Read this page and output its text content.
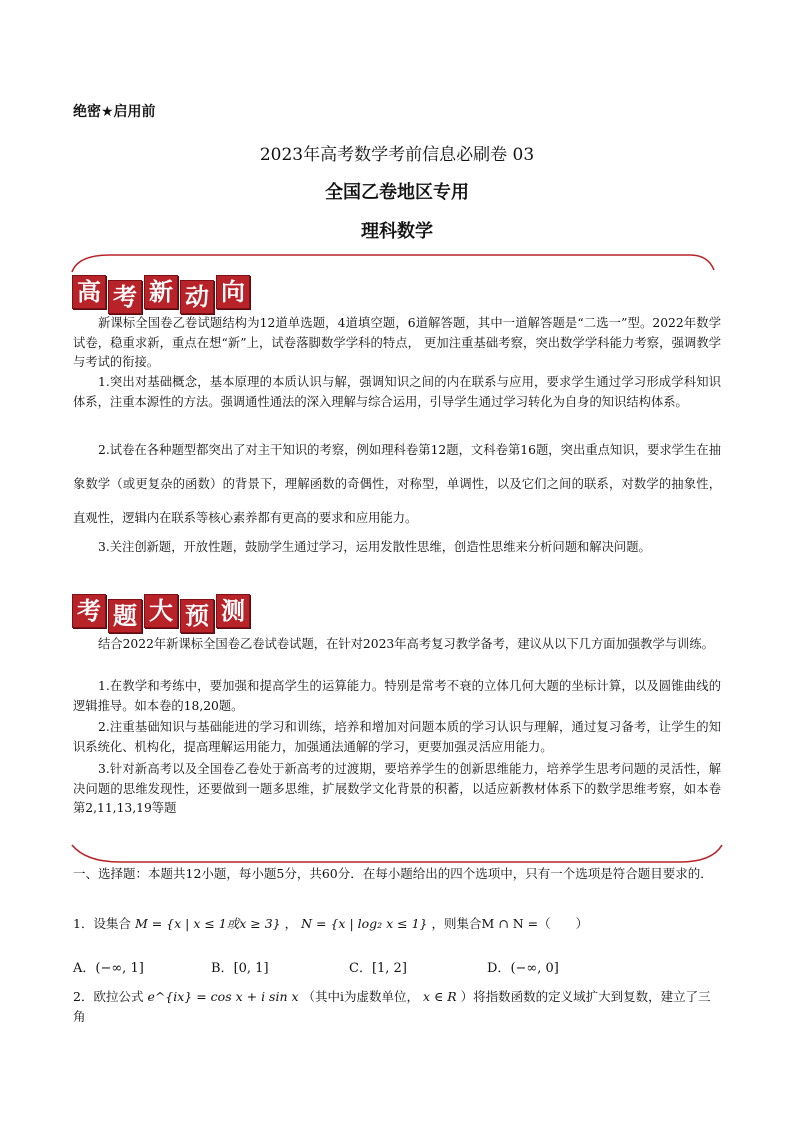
绝密★启用前
2023年高考数学考前信息必刷卷 03
全国乙卷地区专用
理科数学
高 考 新 动 向
新课标全国卷乙卷试题结构为12道单选题，4道填空题，6道解答题，其中一道解答题是“二选一”型。2022年数学试卷，稳重求新，重点在想“新”上，试卷落脚数学学科的特点， 更加注重基础考察，突出数学学科能力考察，强调教学与考试的衔接。
1.突出对基础概念，基本原理的本质认识与解，强调知识之间的内在联系与应用，要求学生通过学习形成学科知识体系，注重本源性的方法。强调通性通法的深入理解与综合运用，引导学生通过学习转化为自身的知识结构体系。
2.试卷在各种题型都突出了对主干知识的考察，例如理科卷第12题，文科卷第16题，突出重点知识，要求学生在抽象数学（或更复杂的函数）的背景下，理解函数的奇偶性，对称型，单调性，以及它们之间的联系，对数学的抽象性，直观性，逻辑内在联系等核心素养都有更高的要求和应用能力。
3.关注创新题，开放性题，鼓励学生通过学习，运用发散性思维，创造性思维来分析问题和解决问题。
考 题 大 预 测
结合2022年新课标全国卷乙卷试卷试题，在针对2023年高考复习教学备考，建议从以下几方面加强教学与训练。
1.在教学和考练中，要加强和提高学生的运算能力。特别是常考不衰的立体几何大题的坐标计算，以及圆锥曲线的逻辑推导。如本卷的18,20题。
2.注重基础知识与基础能进的学习和训练，培养和增加对问题本质的学习认识与理解，通过复习备考，让学生的知识系统化、机构化，提高理解运用能力，加强通法通解的学习，更要加强灵活应用能力。
3.针对新高考以及全国卷乙卷处于新高考的过渡期，要培养学生的创新思维能力，培养学生思考问题的灵活性，解决问题的思维发现性，还要做到一题多思维，扩展数学文化背景的积蓄，以适应新教材体系下的数学思维考察，如本卷第2,11,13,19等题
一、选择题：本题共12小题，每小题5分，共60分．在每小题给出的四个选项中，只有一个选项是符合题目要求的．
1．设集合 M = {x | x ≤ 1或x ≥ 3} ， N = {x | log₂ x ≤ 1} ，则集合M ∩ N =（　　）
A．(−∞, 1]	B．[0, 1]	C．[1, 2]	D．(−∞, 0]
2．欧拉公式 e^{ix} = cos x + i sin x （其中i为虚数单位， x ∈ R ）将指数函数的定义域扩大到复数，建立了三角
